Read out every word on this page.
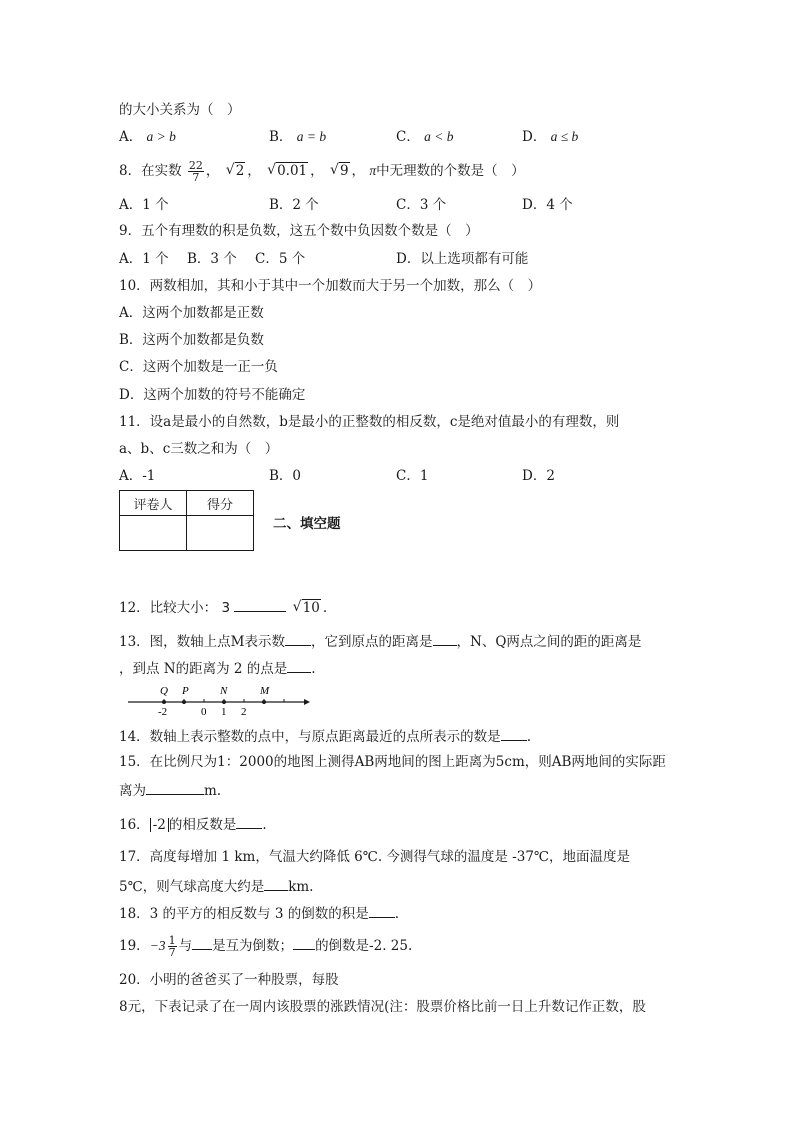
的大小关系为（　）
A． a > b	B． a = b	C． a < b	D． a ≤ b
8．在实数 $\frac{22}{7}$ ， √ 2 ， √ 0.01 ， √ 9 ， π中无理数的个数是（　）
A．1 个	B．2 个	C．3 个	D．4 个
9．五个有理数的积是负数，这五个数中负因数个数是（　）
A．1 个 B．3 个 C．5 个	D．以上选项都有可能
10．两数相加，其和小于其中一个加数而大于另一个加数，那么（　）
A．这两个加数都是正数
B．这两个加数都是负数
C．这两个加数是一正一负
D．这两个加数的符号不能确定
11．设a是最小的自然数，b是最小的正整数的相反数，c是绝对值最小的有理数，则
a、b、c三数之和为（　）
A．-1	B．0	C．1	D．2
评卷人	得分

二、填空题
12．比较大小： 3	√ 10 .
13．图，数轴上点M表示数 ，它到原点的距离是 ，N、Q两点之间的距的距离是
，到点 N的距离为 2 的点是 .
Q P	N	M
-2	0 1 2
14．数轴上表示整数的点中，与原点距离最近的点所表示的数是 .
15．在比例尺为1：2000的地图上测得AB两地间的图上距离为5cm，则AB两地间的实际距
离为	m.
16． -2 的相反数是 .
17．高度每增加 1 km，气温大约降低 6℃. 今测得气球的温度是 -37℃，地面温度是
5℃，则气球高度大约是 km.
18．3 的平方的相反数与 3 的倒数的积是 .
19．$-3 \frac{1}{7}$ 与 是互为倒数； 的倒数是-2. 25.
20．小明的爸爸买了一种股票，每股
8元，下表记录了在一周内该股票的涨跌情况(注：股票价格比前一日上升数记作正数，股
